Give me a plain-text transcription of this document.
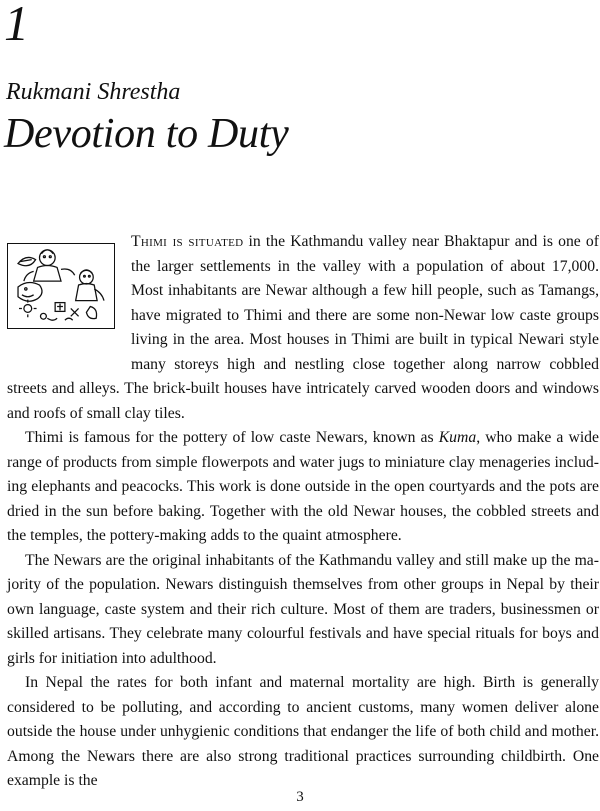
1
Rukmani Shrestha
Devotion to Duty

Thimi is situated in the Kathmandu valley near Bhaktapur and is one of the larger settlements in the valley with a population of about 17,000. Most inhabitants are Newar although a few hill people, such as Tamangs, have migrated to Thimi and there are some non-Newar low caste groups living in the area. Most houses in Thimi are built in typical Newari style many storeys high and nestling close together along narrow cobbled streets and alleys. The brick-built houses have intricately carved wooden doors and windows and roofs of small clay tiles.

Thimi is famous for the pottery of low caste Newars, known as Kuma, who make a wide range of products from simple flowerpots and water jugs to miniature clay menageries including elephants and peacocks. This work is done outside in the open courtyards and the pots are dried in the sun before baking. Together with the old Newar houses, the cobbled streets and the temples, the pottery-making adds to the quaint atmosphere.

The Newars are the original inhabitants of the Kathmandu valley and still make up the majority of the population. Newars distinguish themselves from other groups in Nepal by their own language, caste system and their rich culture. Most of them are traders, businessmen or skilled artisans. They celebrate many colourful festivals and have special rituals for boys and girls for initiation into adulthood.

In Nepal the rates for both infant and maternal mortality are high. Birth is generally considered to be polluting, and according to ancient customs, many women deliver alone outside the house under unhygienic conditions that endanger the life of both child and mother. Among the Newars there are also strong traditional practices surrounding childbirth. One example is the

3
